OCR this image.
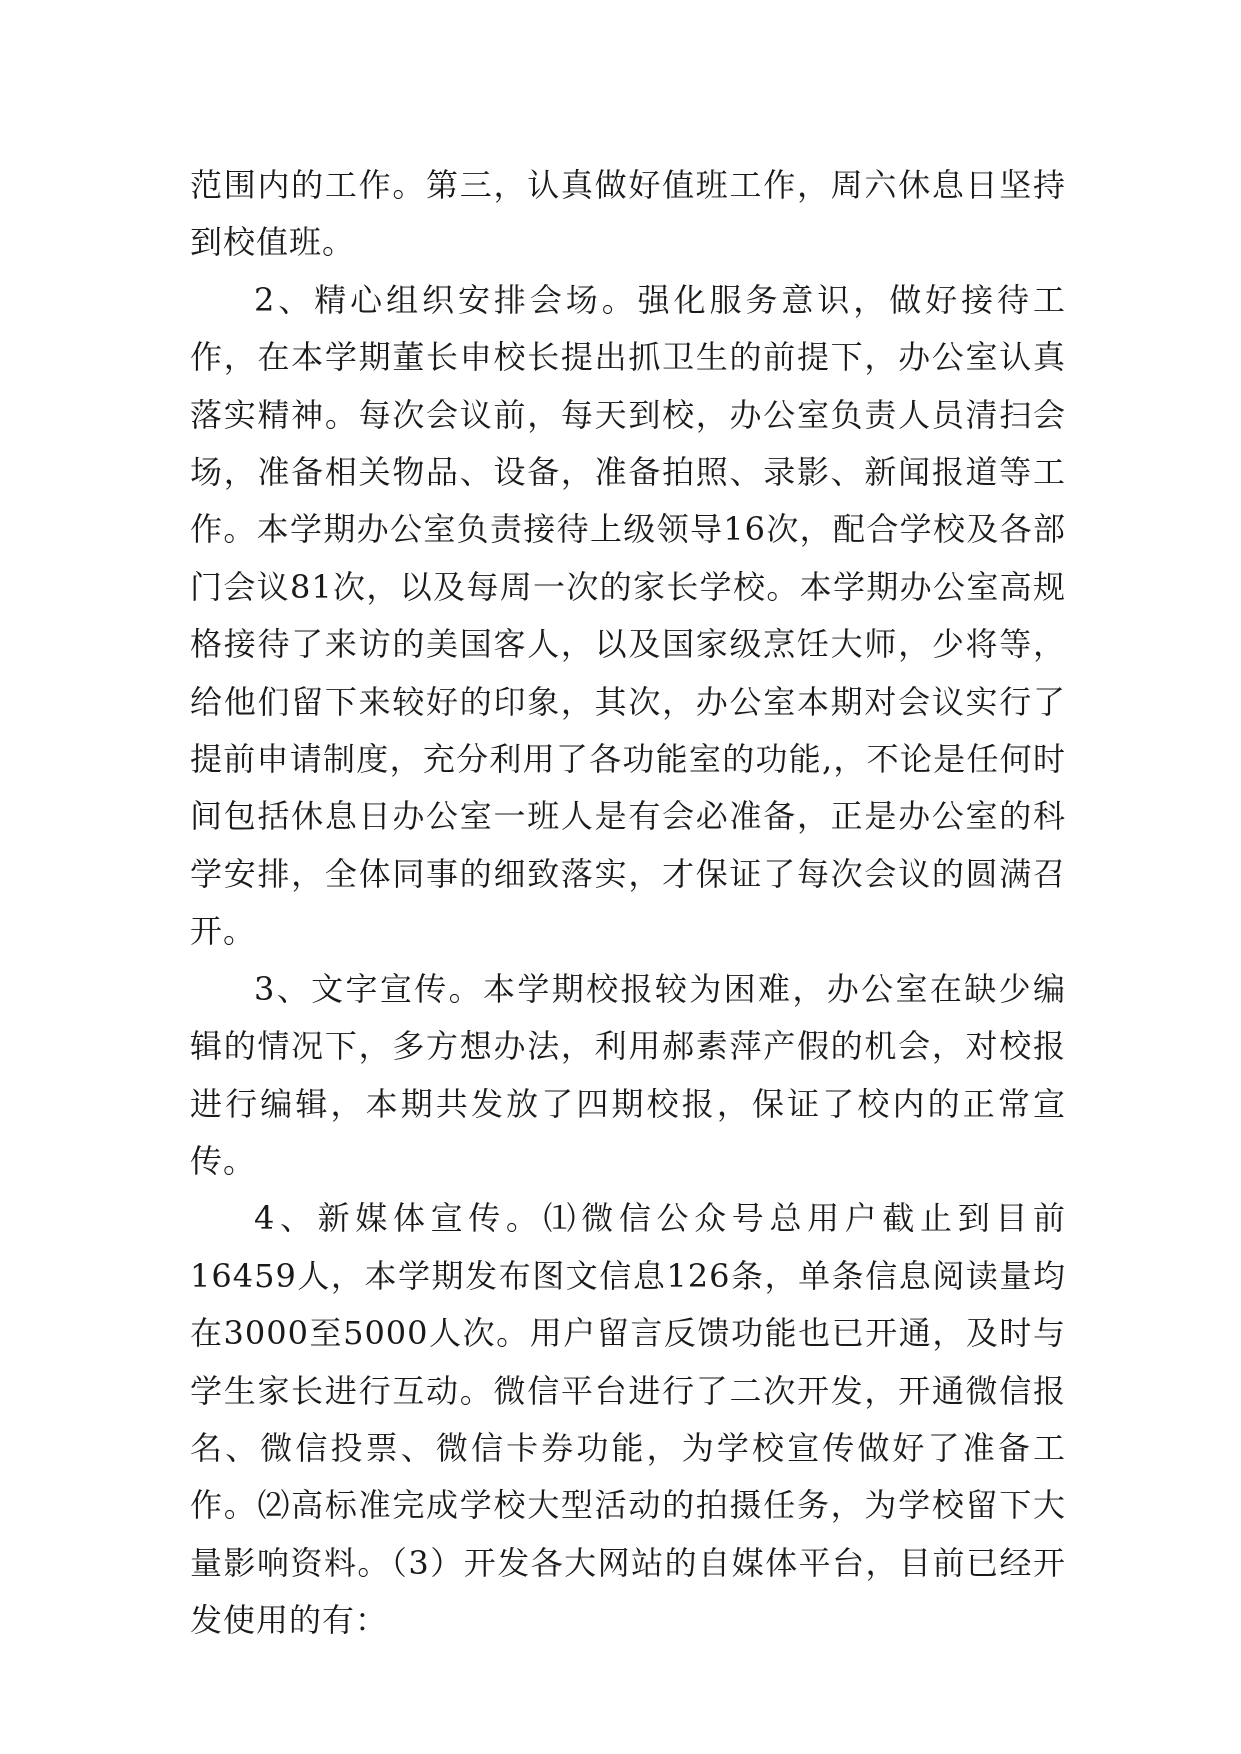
范围内的工作。第三，认真做好值班工作，周六休息日坚持到校值班。

2、精心组织安排会场。强化服务意识，做好接待工作，在本学期董长申校长提出抓卫生的前提下，办公室认真落实精神。每次会议前，每天到校，办公室负责人员清扫会场，准备相关物品、设备，准备拍照、录影、新闻报道等工作。本学期办公室负责接待上级领导16次，配合学校及各部门会议81次，以及每周一次的家长学校。本学期办公室高规格接待了来访的美国客人，以及国家级烹饪大师，少将等，给他们留下来较好的印象，其次，办公室本期对会议实行了提前申请制度，充分利用了各功能室的功能,，不论是任何时间包括休息日办公室一班人是有会必准备，正是办公室的科学安排，全体同事的细致落实，才保证了每次会议的圆满召开。

3、文字宣传。本学期校报较为困难，办公室在缺少编辑的情况下，多方想办法，利用郝素萍产假的机会，对校报进行编辑，本期共发放了四期校报，保证了校内的正常宣传。

4、新媒体宣传。⑴微信公众号总用户截止到目前16459人，本学期发布图文信息126条，单条信息阅读量均在3000至5000人次。用户留言反馈功能也已开通，及时与学生家长进行互动。微信平台进行了二次开发，开通微信报名、微信投票、微信卡券功能，为学校宣传做好了准备工作。⑵高标准完成学校大型活动的拍摄任务，为学校留下大量影响资料。（3）开发各大网站的自媒体平台，目前已经开发使用的有：
